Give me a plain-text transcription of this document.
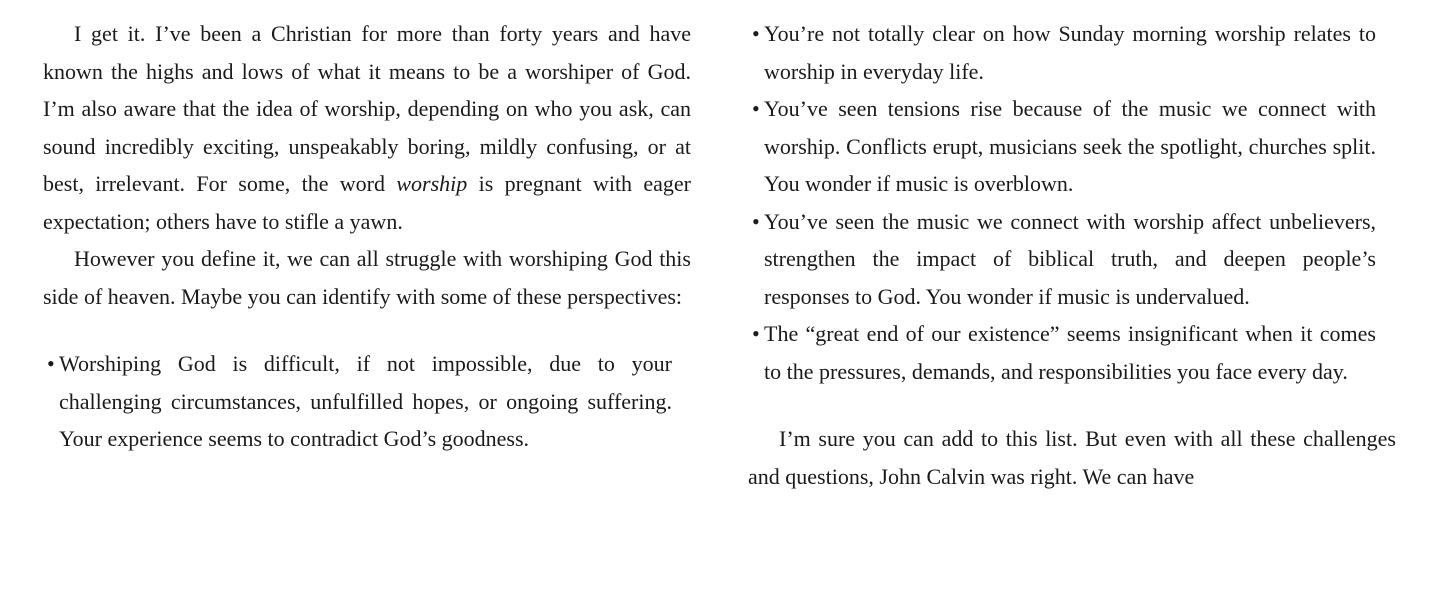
I get it. I’ve been a Christian for more than forty years and have known the highs and lows of what it means to be a worshiper of God. I’m also aware that the idea of worship, depending on who you ask, can sound incredibly exciting, unspeakably boring, mildly confusing, or at best, irrelevant. For some, the word worship is pregnant with eager expectation; others have to stifle a yawn.

However you define it, we can all struggle with worshiping God this side of heaven. Maybe you can identify with some of these perspectives:

• Worshiping God is difficult, if not impossible, due to your challenging circumstances, unfulfilled hopes, or ongoing suffering. Your experience seems to contradict God’s goodness.
• You’re not totally clear on how Sunday morning worship relates to worship in everyday life.
• You’ve seen tensions rise because of the music we connect with worship. Conflicts erupt, musicians seek the spotlight, churches split. You wonder if music is overblown.
• You’ve seen the music we connect with worship affect unbelievers, strengthen the impact of biblical truth, and deepen people’s responses to God. You wonder if music is undervalued.
• The “great end of our existence” seems insignificant when it comes to the pressures, demands, and responsibilities you face every day.

I’m sure you can add to this list. But even with all these challenges and questions, John Calvin was right. We can have
